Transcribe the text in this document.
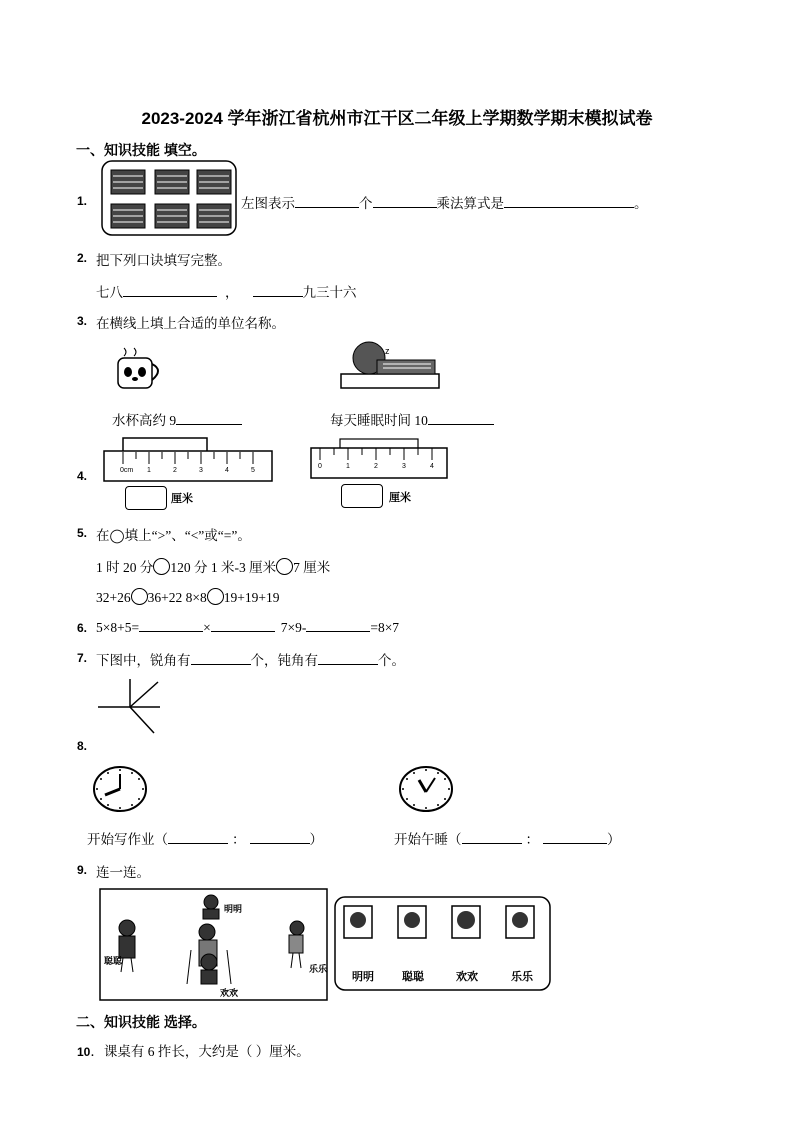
2023-2024 学年浙江省杭州市江干区二年级上学期数学期末模拟试卷
一、知识技能 填空。
1.	左图表示	个	乘法算式是	。
2. 把下列口诀填写完整。
七八	，	九三十六
3. 在横线上填上合适的单位名称。
z
水杯高约 9	每天睡眠时间 10
4.	0cm 1	2	3	4	5
0	1	2	3	4
厘米	厘米
5. 在◯填上“>”、“<”或“=”。
1 时 20 分 120 分 1 米-3 厘米 7 厘米
32+26 36+22 8×8 19+19+19
6. 5×8+5=	×	7×9-	=8×7
7. 下图中，锐角有	个，钝角有	个。
8.
开始写作业（	：	）	开始午睡（	：	）
9. 连一连。
明明
聪聪
欢欢
乐乐
明明	聪聪	欢欢	乐乐
二、知识技能 选择。
10．课桌有 6 拃长，大约是（ ）厘米。
